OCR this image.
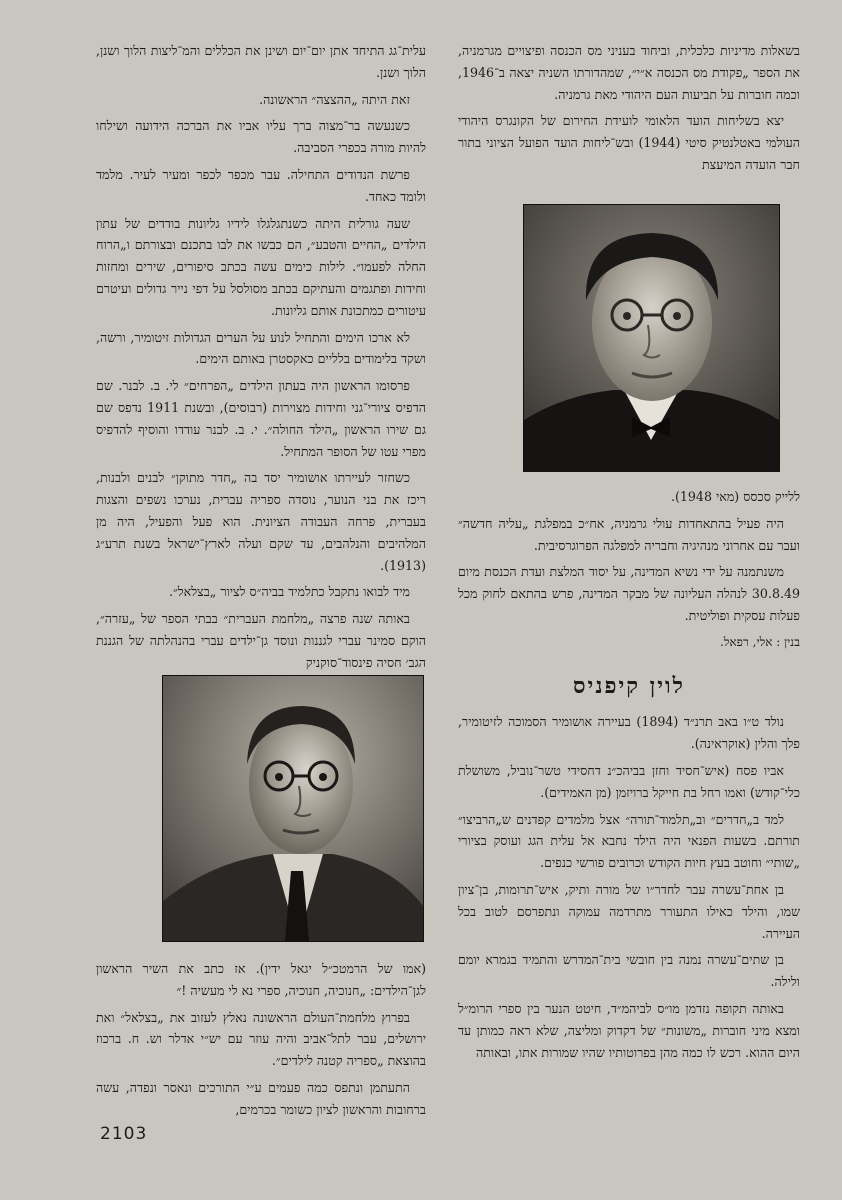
בשאלות מדיניות כלכלית, וביחוד בעניני מס הכנסה ופיצויים מגרמניה, את הספר „פקודת מס הכנסה א״י״, שמהדורתו השניה יצאה ב־1946, וכמה חוברות על תביעות העם היהודי מאת גרמניה.

יצא בשליחות הועד הלאומי לועידת החירום של הקונגרס היהודי העולמי באטלנטיק סיטי (1944) ובש־ליחות הועד הפועל הציוני בתור חבר הועדה המיעצת

ללייק סכסס (מאי 1948).

היה פעיל בהתאחדות עולי גרמניה, אח״כ במפלגת „עליה חדשה״ ועבר עם אחרוני מנהיגיה וחבריה למפלגה הפרוגרסיבית.

משנתמנה על ידי נשיא המדינה, על יסוד המלצת ועדת הכנסת מיום 30.8.49 לנהלה העליונה של מבקר המדינה, פרש בהתאם לחוק מכל פעלות עסקית ופוליטית.

בנין : אלי, רפאל.
לוין קיפניס

נולד ט״ו באב תרנ״ד (1894) בעיירה אושומיר הסמוכה לזיטומיר, פלך והלין (אוקראינה).

אביו פסח (איש־חסיד וחזן בביהכ״נ דחסידי טשר־נוביל, משושלת כלי־קודש) ואמו רחל בת חייקל ברויזמן (מן האמידים).

למד ב„חדרים״ וב„תלמוד־תורה״ אצל מלמדים קפדנים ש„הרביצו״ תורתם. בשעות הפנאי היה הילד נחבא אל עלית הגג ועוסק בציורי „שותי״ וחוטב בעץ חיות הקודש וכרובים פורשי כנפים.

בן אחת־עשרה עבר לחדר״ו של מורה ותיק, איש־תרומות, בן־ציון שמו, והילד כאילו התעורר מתרדמה עמוקה ונתפרסם לטוב בכל העיירה.

בן שתים־עשרה נמנה בין חובשי בית־המדרש והתמיד בגמרא יומם ולילה.

באותה תקופה נזדמן מו״ס לביהמ״ד, חיטט הנער בין ספרי הרומ״ל ומצא מיני חוברות „משונות״ של דקדוק ומליצה, שלא ראה כמותן עד היום ההוא. רכש לו כמה מהן בפרוטותיו שהיו שמורות אתו, ובאותה

עלית־גג התיחד אתן יום־יום ושינן את הכללים והמ־ליצות הלוך ושנן, הלוך ושנן.

זאת היתה „ההצצה״ הראשונה.

כשנעשה בר־מצוה ברך עליו אביו את הברכה הידועה ושילחו להיות מורה בכפרי הסביבה.

פרשת הנדודים התחילה. עבר מכפר לכפר ומעיר לעיר. מלמד ולומד כאחד.

שעה גורלית היתה כשנתגלגלו לידיו גליונות בודדים של עתון הילדים „החיים והטבע״, הם כבשו את לבו בתכנם ובצורתם ו„הרוח החלה לפעמו״. לילות כימים עשה בכתב סיפורים, שירים ומחזות וחידות ופתגמים והעתיקם בכתב מסולסל על דפי נייר גדולים ועיטרם עיטורים כמתכונת אותם גליונות.

לא ארכו הימים והתחיל לנוע על הערים הגדולות זיטומיר, ורשה, ושקד בלימודים בלליים כאקסטרן באותם הימים.

פרסומו הראשון היה בעתון הילדים „הפרחים״ לי. ב. לבנר. שם הדפיס ציורי־גני וחידות מצוירות (רבוסים), ובשנת 1911 נדפס שם גם שירו הראשון „הילד החולה״. י. ב. לבנר עודדו והוסיף להדפיס מפרי עטו של הסופר המתחיל.

כשחזר לעיירתו אושומיר יסד בה „חדר מתוקן״ לבנים ולבנות, ריכז את בני הנוער, נוסדה ספריה עברית, נערכו נשפים והצגות בעברית, פרחה העבודה הציונית. הוא פעל והפעיל, היה מן המלהיבים והנלהבים, עד שקם ועלה לארץ־ישראל בשנת תרע״ג (1913).

מיד לבואו נתקבל כתלמיד בביה״ס לציור „בצלאל״.

באותה שנה פרצה „מלחמת העברית״ בבתי הספר של „עזרה״, הוקם סמינר עברי לגננות ונוסד גן־ילדים עברי בהנהלתה של הגננת הגב׳ חסיה פינסוד־סוקניק

(אמו של הרמטכ״ל יגאל ידין). אז כתב את השיר הראשון לגן־הילדים: „חנוכיה, חנוכיה, ספרי נא לי מעשיה !״

בפרוץ מלחמת־העולם הראשונה נאלץ לעזוב את „בצלאל״ ואת ירושלים, עבר לתל־אביב והיה עוזר עם יש״י אדלר וש. ח. ברכוז בהוצאת „ספריה קטנה לילדים״.

התעתמן ונתפס כמה פעמים ע״י התורכים ונאסר ונפדה, עשה ברחובות והראשון לציון כשומר בכרמים,

2103
